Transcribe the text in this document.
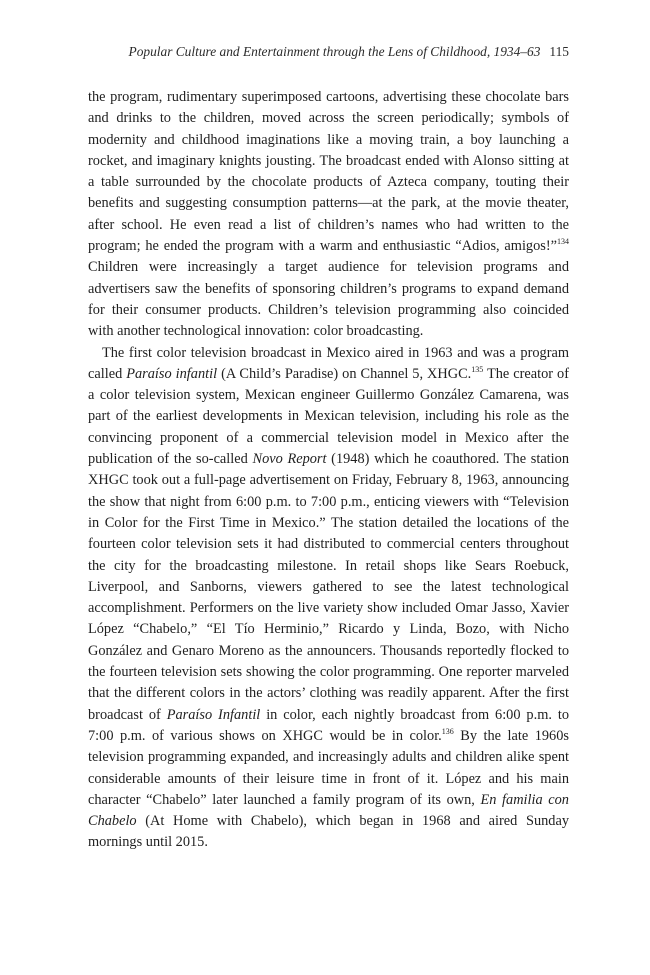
Popular Culture and Entertainment through the Lens of Childhood, 1934–63 115

the program, rudimentary superimposed cartoons, advertising these chocolate bars and drinks to the children, moved across the screen periodically; symbols of modernity and childhood imaginations like a moving train, a boy launching a rocket, and imaginary knights jousting. The broadcast ended with Alonso sitting at a table surrounded by the chocolate products of Azteca company, touting their benefits and suggesting consumption patterns—at the park, at the movie theater, after school. He even read a list of children’s names who had written to the program; he ended the program with a warm and enthusiastic “Adios, amigos!”$^{134}$ Children were increasingly a target audience for television programs and advertisers saw the benefits of sponsoring children’s programs to expand demand for their consumer products. Children’s television programming also coincided with another technological innovation: color broadcasting.

The first color television broadcast in Mexico aired in 1963 and was a program called Paraíso infantil (A Child’s Paradise) on Channel 5, XHGC.$^{135}$ The creator of a color television system, Mexican engineer Guillermo González Camarena, was part of the earliest developments in Mexican television, including his role as the convincing proponent of a commercial television model in Mexico after the publication of the so-called Novo Report (1948) which he coauthored. The station XHGC took out a full-page advertisement on Friday, February 8, 1963, announcing the show that night from 6:00 p.m. to 7:00 p.m., enticing viewers with “Television in Color for the First Time in Mexico.” The station detailed the locations of the fourteen color television sets it had distributed to commercial centers throughout the city for the broadcasting milestone. In retail shops like Sears Roebuck, Liverpool, and Sanborns, viewers gathered to see the latest technological accomplishment. Performers on the live variety show included Omar Jasso, Xavier López “Chabelo,” “El Tío Herminio,” Ricardo y Linda, Bozo, with Nicho González and Genaro Moreno as the announcers. Thousands reportedly flocked to the fourteen television sets showing the color programming. One reporter marveled that the different colors in the actors’ clothing was readily apparent. After the first broadcast of Paraíso Infantil in color, each nightly broadcast from 6:00 p.m. to 7:00 p.m. of various shows on XHGC would be in color.$^{136}$ By the late 1960s television programming expanded, and increasingly adults and children alike spent considerable amounts of their leisure time in front of it. López and his main character “Chabelo” later launched a family program of its own, En familia con Chabelo (At Home with Chabelo), which began in 1968 and aired Sunday mornings until 2015.
